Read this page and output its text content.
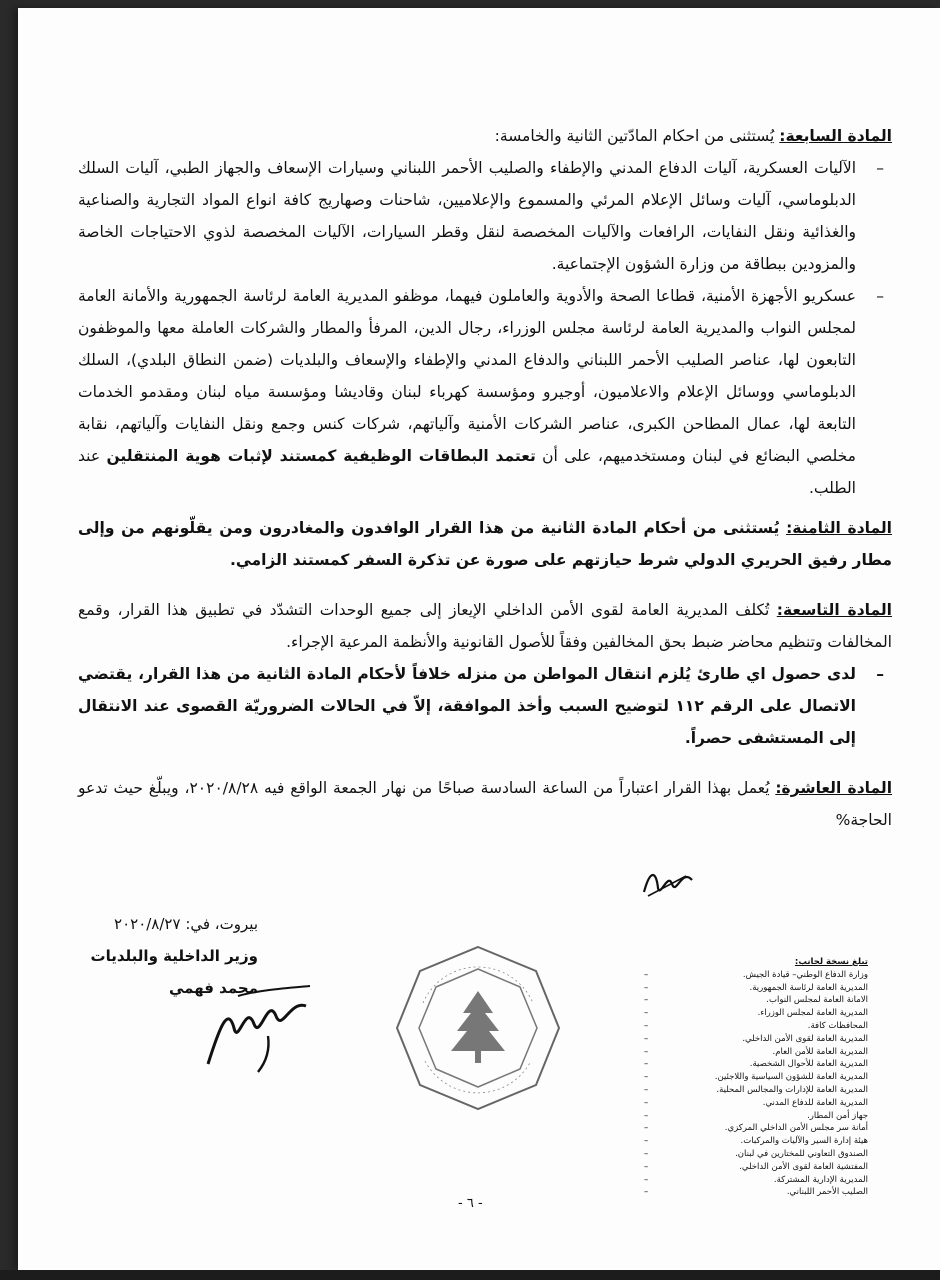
المادة السابعة: يُستثنى من احكام المادّتين الثانية والخامسة:

– الآليات العسكرية، آليات الدفاع المدني والإطفاء والصليب الأحمر اللبناني وسيارات الإسعاف والجهاز الطبي، آليات السلك الدبلوماسي، آليات وسائل الإعلام المرئي والمسموع والإعلاميين، شاحنات وصهاريج كافة انواع المواد التجارية والصناعية والغذائية ونقل النفايات، الرافعات والآليات المخصصة لنقل وقطر السيارات، الآليات المخصصة لذوي الاحتياجات الخاصة والمزودين ببطاقة من وزارة الشؤون الإجتماعية.

– عسكريو الأجهزة الأمنية، قطاعا الصحة والأدوية والعاملون فيهما، موظفو المديرية العامة لرئاسة الجمهورية والأمانة العامة لمجلس النواب والمديرية العامة لرئاسة مجلس الوزراء، رجال الدين، المرفأ والمطار والشركات العاملة معها والموظفون التابعون لها، عناصر الصليب الأحمر اللبناني والدفاع المدني والإطفاء والإسعاف والبلديات (ضمن النطاق البلدي)، السلك الدبلوماسي ووسائل الإعلام والاعلاميون، أوجيرو ومؤسسة كهرباء لبنان وقاديشا ومؤسسة مياه لبنان ومقدمو الخدمات التابعة لها، عمال المطاحن الكبرى، عناصر الشركات الأمنية وآلياتهم، شركات كنس وجمع ونقل النفايات وآلياتهم، نقابة مخلصي البضائع في لبنان ومستخدميهم، على أن تعتمد البطاقات الوظيفية كمستند لإثبات هوية المنتقلين عند الطلب.

المادة الثامنة: يُستثنى من أحكام المادة الثانية من هذا القرار الوافدون والمغادرون ومن يقلّونهم من وإلى مطار رفيق الحريري الدولي شرط حيازتهم على صورة عن تذكرة السفر كمستند الزامي.

المادة التاسعة: تُكلف المديرية العامة لقوى الأمن الداخلي الإيعاز إلى جميع الوحدات التشدّد في تطبيق هذا القرار، وقمع المخالفات وتنظيم محاضر ضبط بحق المخالفين وفقاً للأصول القانونية والأنظمة المرعية الإجراء.

– لدى حصول اي طارئ يُلزم انتقال المواطن من منزله خلافاً لأحكام المادة الثانية من هذا القرار، يقتضي الاتصال على الرقم ١١٢ لتوضيح السبب وأخذ الموافقة، إلاّ في الحالات الضروريّة القصوى عند الانتقال إلى المستشفى حصراً.

المادة العاشرة: يُعمل بهذا القرار اعتباراً من الساعة السادسة صباحًا من نهار الجمعة الواقع فيه ٢٠٢٠/٨/٢٨، ويبلّغ حيث تدعو الحاجة%

بيروت، في: ٢٠٢٠/٨/٢٧
وزير الداخلية والبلديات
محمد فهمي
تبلغ نسخة لجانب:
وزارة الدفاع الوطني– قيادة الجيش. –
المديرية العامة لرئاسة الجمهورية. –
الامانة العامة لمجلس النواب. –
المديرية العامة لمجلس الوزراء. –
المحافظات كافة. –
المديرية العامة لقوى الأمن الداخلي. –
المديرية العامة للأمن العام. –
المديرية العامة للأحوال الشخصية. –
المديرية العامة للشؤون السياسية واللاجئين. –
المديرية العامة للإدارات والمجالس المحلية. –
المديرية العامة للدفاع المدني. –
جهاز أمن المطار. –
أمانة سر مجلس الأمن الداخلي المركزي. –
هيئة إدارة السير والآليات والمركبات. –
الصندوق التعاوني للمختارين في لبنان. –
المفتشية العامة لقوى الأمن الداخلي. –
المديرية الإدارية المشتركة. –
الصليب الأحمر اللبناني. –
- ٦ -
